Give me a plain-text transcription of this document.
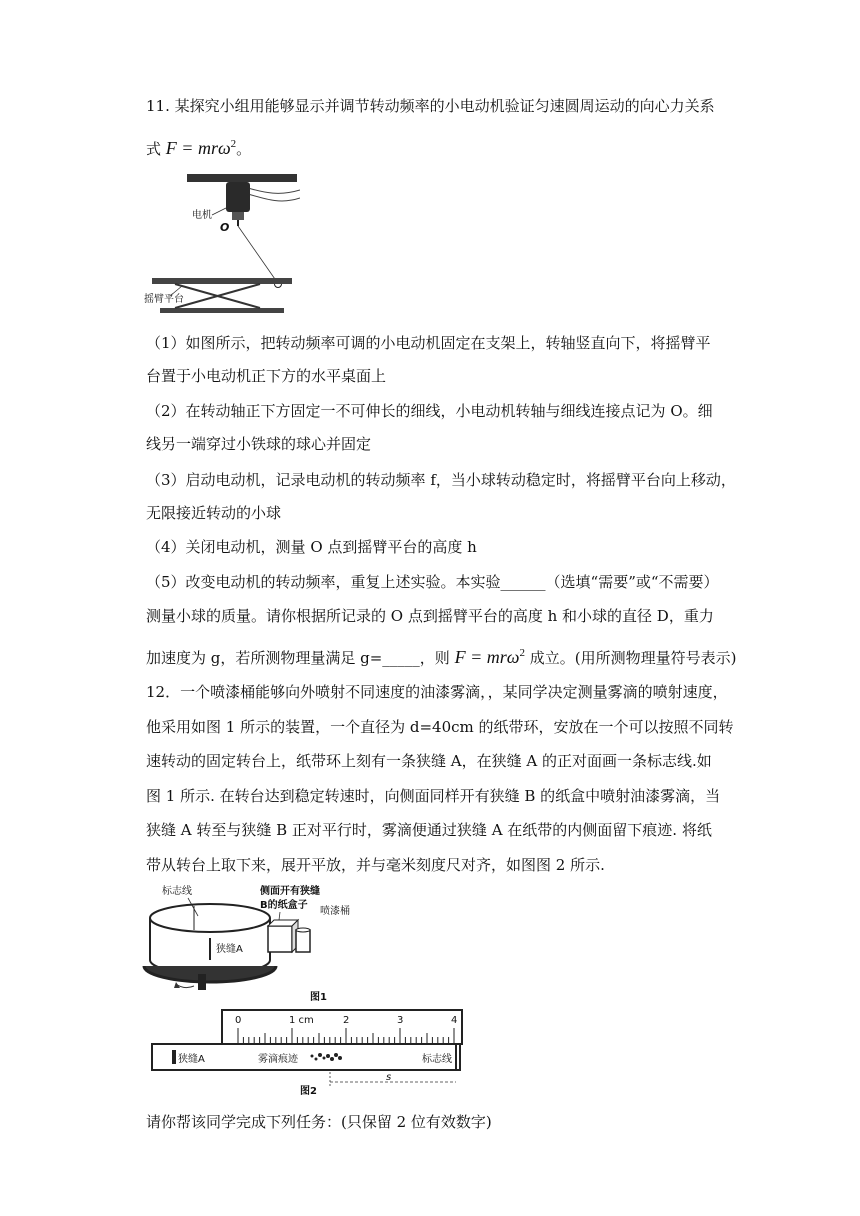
11. 某探究小组用能够显示并调节转动频率的小电动机验证匀速圆周运动的向心力关系
式 F = mrω$^2$。
电机
O
摇臂平台
（1）如图所示，把转动频率可调的小电动机固定在支架上，转轴竖直向下，将摇臂平
台置于小电动机正下方的水平桌面上
（2）在转动轴正下方固定一不可伸长的细线，小电动机转轴与细线连接点记为 O。细
线另一端穿过小铁球的球心并固定
（3）启动电动机，记录电动机的转动频率 f，当小球转动稳定时，将摇臂平台向上移动，
无限接近转动的小球
（4）关闭电动机，测量 O 点到摇臂平台的高度 h
（5）改变电动机的转动频率，重复上述实验。本实验______（选填“需要”或“不需要）
测量小球的质量。请你根据所记录的 O 点到摇臂平台的高度 h 和小球的直径 D，重力
加速度为 g，若所测物理量满足 g=_____，则 F = mrω$^2$ 成立。(用所测物理量符号表示)
12．一个喷漆桶能够向外喷射不同速度的油漆雾滴，，某同学决定测量雾滴的喷射速度，
他采用如图 1 所示的装置，一个直径为 d=40cm 的纸带环，安放在一个可以按照不同转
速转动的固定转台上，纸带环上刻有一条狭缝 A，在狭缝 A 的正对面画一条标志线.如
图 1 所示. 在转台达到稳定转速时，向侧面同样开有狭缝 B 的纸盒中喷射油漆雾滴，当
狭缝 A 转至与狭缝 B 正对平行时，雾滴便通过狭缝 A 在纸带的内侧面留下痕迹. 将纸
带从转台上取下来，展开平放，并与毫米刻度尺对齐，如图图 2 所示.
标志线
狭缝A
侧面开有狭缝
B的纸盒子
喷漆桶
图1
0	1 cm	2	3	4
狭缝A	雾滴痕迹	标志线
s
图2
请你帮该同学完成下列任务：(只保留 2 位有效数字)
